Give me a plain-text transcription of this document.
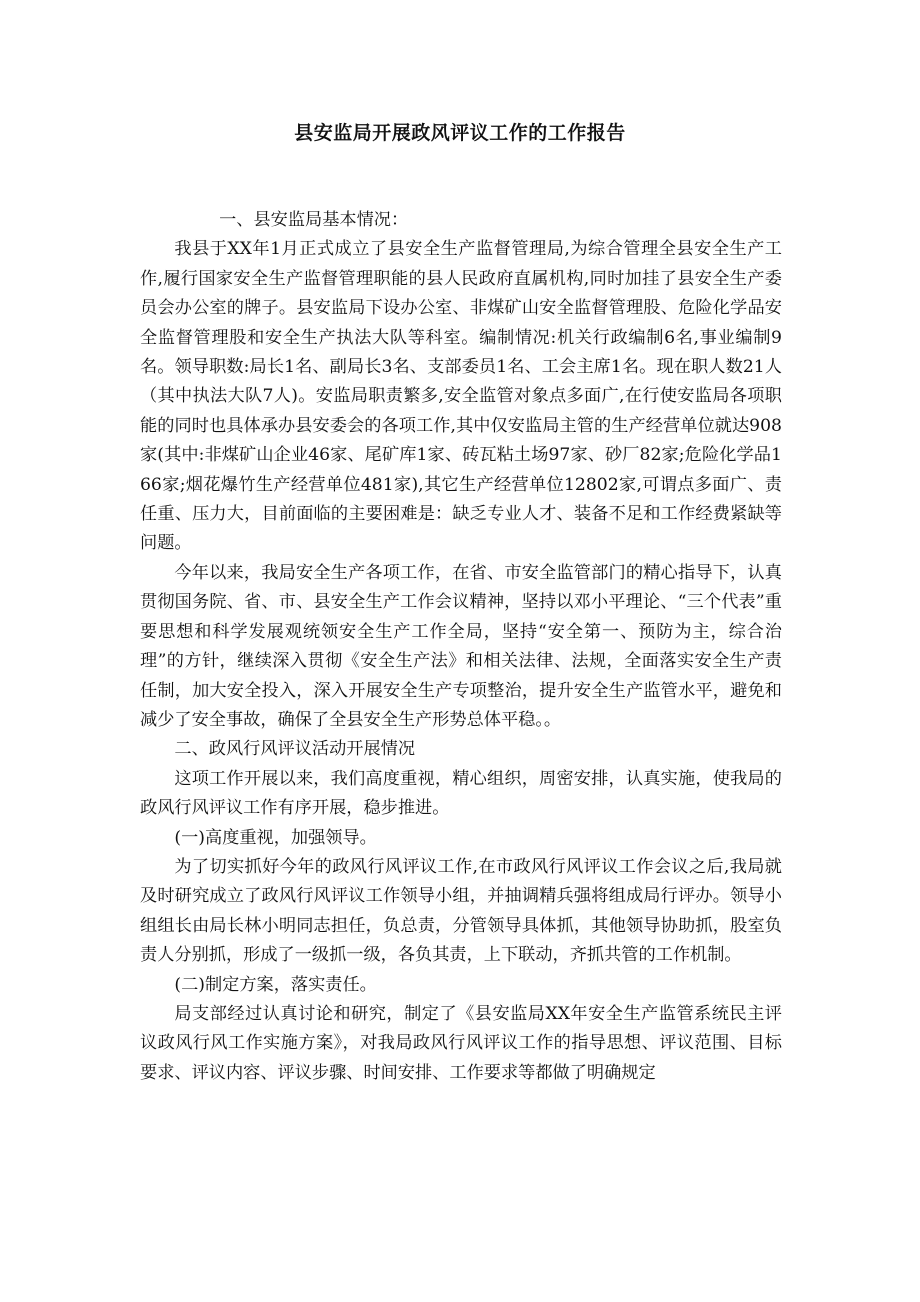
县安监局开展政风评议工作的工作报告

一、县安监局基本情况：

我县于XX年1月正式成立了县安全生产监督管理局,为综合管理全县安全生产工作,履行国家安全生产监督管理职能的县人民政府直属机构,同时加挂了县安全生产委员会办公室的牌子。县安监局下设办公室、非煤矿山安全监督管理股、危险化学品安全监督管理股和安全生产执法大队等科室。编制情况:机关行政编制6名,事业编制9名。领导职数:局长1名、副局长3名、支部委员1名、工会主席1名。现在职人数21人（其中执法大队7人)。安监局职责繁多,安全监管对象点多面广,在行使安监局各项职能的同时也具体承办县安委会的各项工作,其中仅安监局主管的生产经营单位就达908家(其中:非煤矿山企业46家、尾矿库1家、砖瓦粘土场97家、砂厂82家;危险化学品166家;烟花爆竹生产经营单位481家),其它生产经营单位12802家,可谓点多面广、责任重、压力大，目前面临的主要困难是：缺乏专业人才、装备不足和工作经费紧缺等问题。

今年以来，我局安全生产各项工作，在省、市安全监管部门的精心指导下，认真贯彻国务院、省、市、县安全生产工作会议精神，坚持以邓小平理论、“三个代表”重要思想和科学发展观统领安全生产工作全局，坚持“安全第一、预防为主，综合治理”的方针，继续深入贯彻《安全生产法》和相关法律、法规，全面落实安全生产责任制，加大安全投入，深入开展安全生产专项整治，提升安全生产监管水平，避免和减少了安全事故，确保了全县安全生产形势总体平稳。。

二、政风行风评议活动开展情况

这项工作开展以来，我们高度重视，精心组织，周密安排，认真实施，使我局的政风行风评议工作有序开展，稳步推进。

(一)高度重视，加强领导。

为了切实抓好今年的政风行风评议工作,在市政风行风评议工作会议之后,我局就及时研究成立了政风行风评议工作领导小组，并抽调精兵强将组成局行评办。领导小组组长由局长林小明同志担任，负总责，分管领导具体抓，其他领导协助抓，股室负责人分别抓，形成了一级抓一级，各负其责，上下联动，齐抓共管的工作机制。

(二)制定方案，落实责任。

局支部经过认真讨论和研究，制定了《县安监局XX年安全生产监管系统民主评议政风行风工作实施方案》，对我局政风行风评议工作的指导思想、评议范围、目标要求、评议内容、评议步骤、时间安排、工作要求等都做了明确规定
